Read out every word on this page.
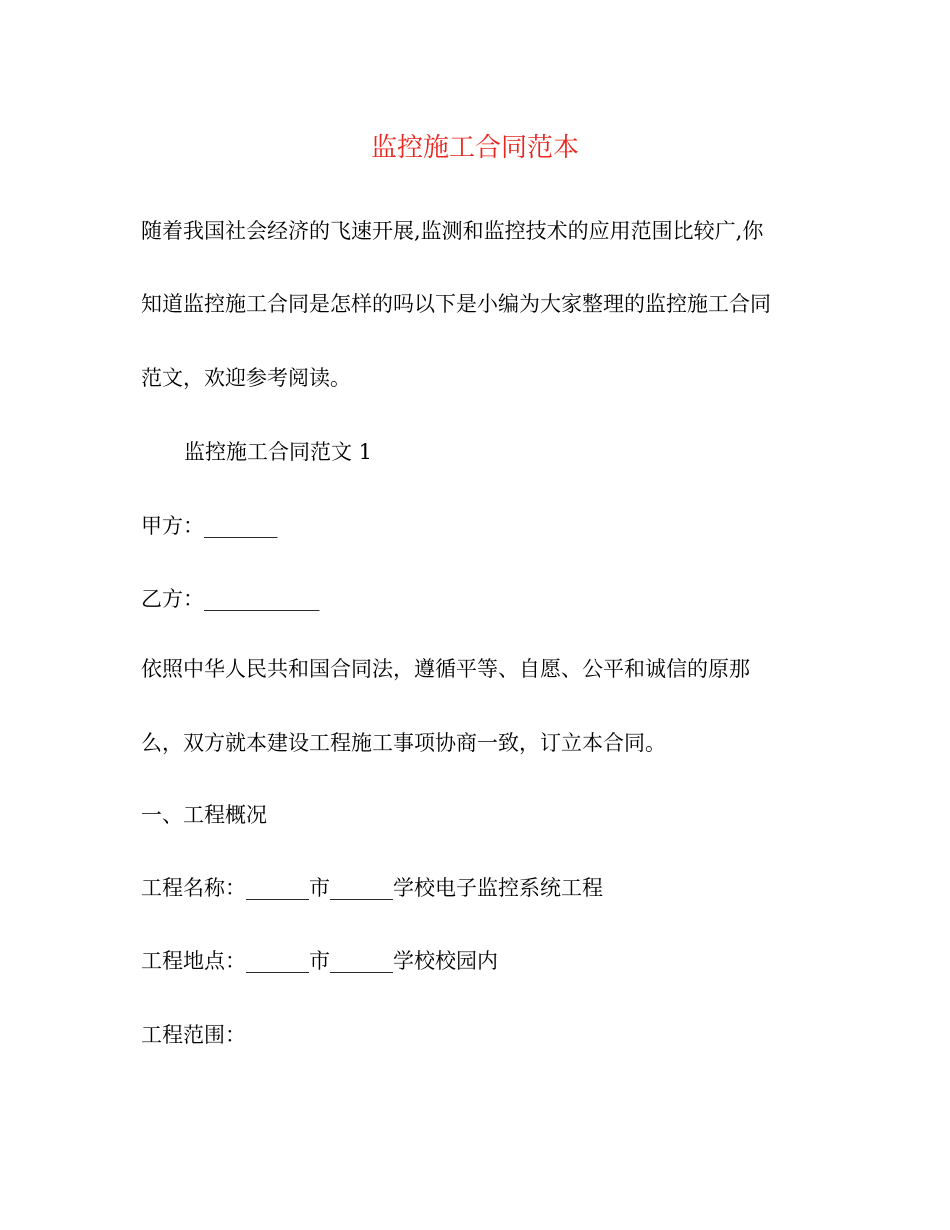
监控施工合同范本
随着我国社会经济的飞速开展,监测和监控技术的应用范围比较广,你
知道监控施工合同是怎样的吗以下是小编为大家整理的监控施工合同
范文，欢迎参考阅读。
监控施工合同范文 1
甲方：_______
乙方：___________
依照中华人民共和国合同法，遵循平等、自愿、公平和诚信的原那
么，双方就本建设工程施工事项协商一致，订立本合同。
一、工程概况
工程名称：______市______学校电子监控系统工程
工程地点：______市______学校校园内
工程范围：
